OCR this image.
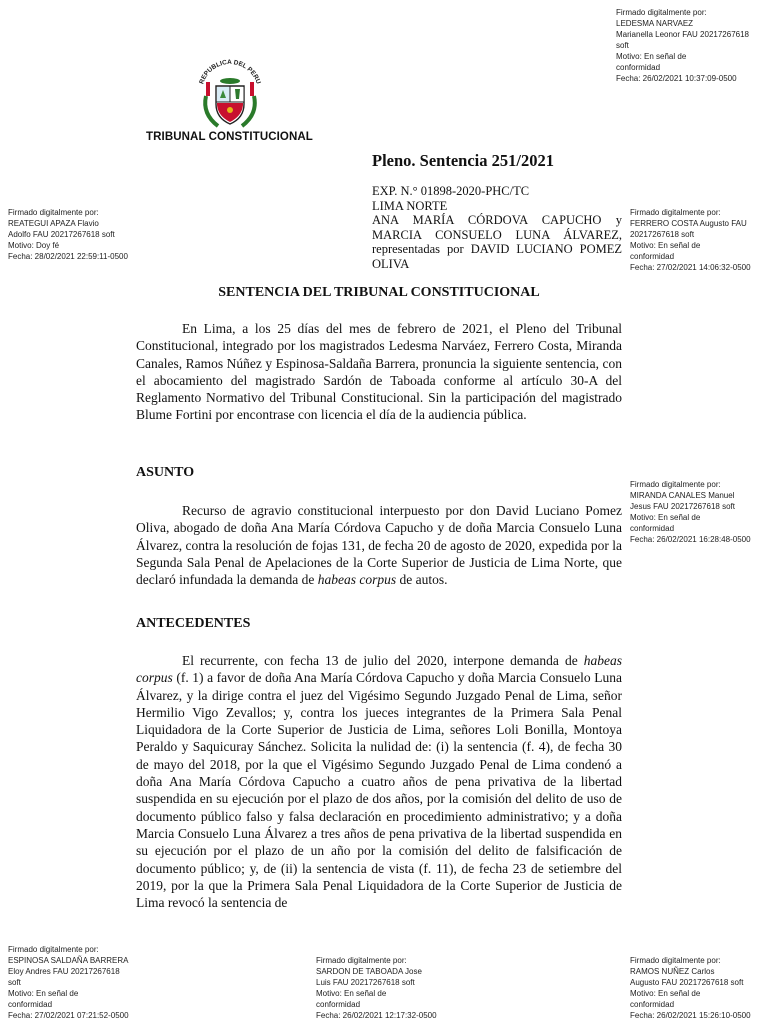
Firmado digitalmente por:
LEDESMA NARVAEZ
Marianella Leonor FAU 20217267618
soft
Motivo: En señal de
conformidad
Fecha: 26/02/2021 10:37:09-0500
REPUBLICA DEL PERU
TRIBUNAL CONSTITUCIONAL
Firmado digitalmente por:
REATEGUI APAZA Flavio
Adolfo FAU 20217267618 soft
Motivo: Doy fé
Fecha: 28/02/2021 22:59:11-0500
Firmado digitalmente por:
FERRERO COSTA Augusto FAU
20217267618 soft
Motivo: En señal de
conformidad
Fecha: 27/02/2021 14:06:32-0500
Pleno. Sentencia 251/2021
EXP. N.° 01898-2020-PHC/TC
LIMA NORTE
ANA MARÍA CÓRDOVA CAPUCHO y MARCIA CONSUELO LUNA ÁLVAREZ, representadas por DAVID LUCIANO POMEZ OLIVA
SENTENCIA DEL TRIBUNAL CONSTITUCIONAL
En Lima, a los 25 días del mes de febrero de 2021, el Pleno del Tribunal Constitucional, integrado por los magistrados Ledesma Narváez, Ferrero Costa, Miranda Canales, Ramos Núñez y Espinosa-Saldaña Barrera, pronuncia la siguiente sentencia, con el abocamiento del magistrado Sardón de Taboada conforme al artículo 30-A del Reglamento Normativo del Tribunal Constitucional. Sin la participación del magistrado Blume Fortini por encontrase con licencia el día de la audiencia pública.
ASUNTO
Recurso de agravio constitucional interpuesto por don David Luciano Pomez Oliva, abogado de doña Ana María Córdova Capucho y de doña Marcia Consuelo Luna Álvarez, contra la resolución de fojas 131, de fecha 20 de agosto de 2020, expedida por la Segunda Sala Penal de Apelaciones de la Corte Superior de Justicia de Lima Norte, que declaró infundada la demanda de habeas corpus de autos.
Firmado digitalmente por:
MIRANDA CANALES Manuel
Jesus FAU 20217267618 soft
Motivo: En señal de
conformidad
Fecha: 26/02/2021 16:28:48-0500
ANTECEDENTES
El recurrente, con fecha 13 de julio del 2020, interpone demanda de habeas corpus (f. 1) a favor de doña Ana María Córdova Capucho y doña Marcia Consuelo Luna Álvarez, y la dirige contra el juez del Vigésimo Segundo Juzgado Penal de Lima, señor Hermilio Vigo Zevallos; y, contra los jueces integrantes de la Primera Sala Penal Liquidadora de la Corte Superior de Justicia de Lima, señores Loli Bonilla, Montoya Peraldo y Saquicuray Sánchez. Solicita la nulidad de: (i) la sentencia (f. 4), de fecha 30 de mayo del 2018, por la que el Vigésimo Segundo Juzgado Penal de Lima condenó a doña Ana María Córdova Capucho a cuatro años de pena privativa de la libertad suspendida en su ejecución por el plazo de dos años, por la comisión del delito de uso de documento público falso y falsa declaración en procedimiento administrativo; y a doña Marcia Consuelo Luna Álvarez a tres años de pena privativa de la libertad suspendida en su ejecución por el plazo de un año por la comisión del delito de falsificación de documento público; y, de (ii) la sentencia de vista (f. 11), de fecha 23 de setiembre del 2019, por la que la Primera Sala Penal Liquidadora de la Corte Superior de Justicia de Lima revocó la sentencia de
Firmado digitalmente por:
ESPINOSA SALDAÑA BARRERA
Eloy Andres FAU 20217267618
soft
Motivo: En señal de
conformidad
Fecha: 27/02/2021 07:21:52-0500
Firmado digitalmente por:
SARDON DE TABOADA Jose
Luis FAU 20217267618 soft
Motivo: En señal de
conformidad
Fecha: 26/02/2021 12:17:32-0500
Firmado digitalmente por:
RAMOS NUÑEZ Carlos
Augusto FAU 20217267618 soft
Motivo: En señal de
conformidad
Fecha: 26/02/2021 15:26:10-0500
